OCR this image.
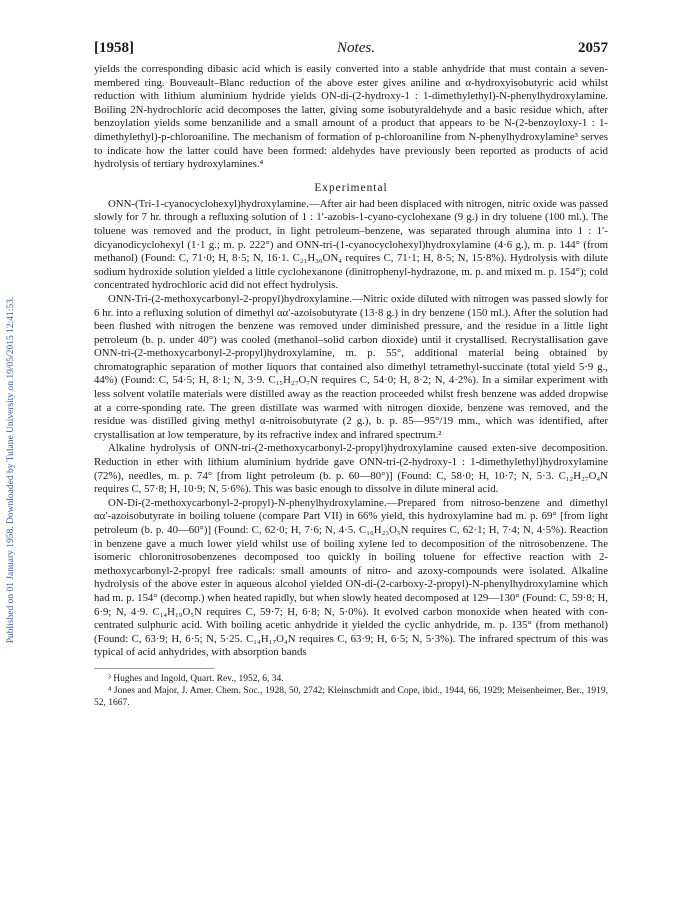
Published on 01 January 1958. Downloaded by Tulane University on 19/05/2015 12:41:53.
[1958]	Notes.	2057

yields the corresponding dibasic acid which is easily converted into a stable anhydride that must contain a seven-membered ring. Bouveault–Blanc reduction of the above ester gives aniline and α-hydroxyisobutyric acid whilst reduction with lithium aluminium hydride yields ON-di-(2-hydroxy-1 : 1-dimethylethyl)-N-phenylhydroxylamine. Boiling 2N-hydrochloric acid decomposes the latter, giving some isobutyraldehyde and a basic residue which, after benzoylation yields some benzanilide and a small amount of a product that appears to be N-(2-benzoyloxy-1 : 1-dimethylethyl)-p-chloroaniline. The mechanism of formation of p-chloroaniline from N-phenylhydroxylamine³ serves to indicate how the latter could have been formed: aldehydes have previously been reported as products of acid hydrolysis of tertiary hydroxylamines.⁴

Experimental

ONN-(Tri-1-cyanocyclohexyl)hydroxylamine.—After air had been displaced with nitrogen, nitric oxide was passed slowly for 7 hr. through a refluxing solution of 1 : 1′-azobis-1-cyano-cyclohexane (9 g.) in dry toluene (100 ml.). The toluene was removed and the product, in light petroleum–benzene, was separated through alumina into 1 : 1′-dicyanodicyclohexyl (1·1 g.; m. p. 222°) and ONN-tri-(1-cyanocyclohexyl)hydroxylamine (4·6 g.), m. p. 144° (from methanol) (Found: C, 71·0; H, 8·5; N, 16·1. C₂₁H₃₀ON₄ requires C, 71·1; H, 8·5; N, 15·8%). Hydrolysis with dilute sodium hydroxide solution yielded a little cyclohexanone (dinitrophenyl-hydrazone, m. p. and mixed m. p. 154°); cold concentrated hydrochloric acid did not effect hydrolysis.

ONN-Tri-(2-methoxycarbonyl-2-propyl)hydroxylamine.—Nitric oxide diluted with nitrogen was passed slowly for 6 hr. into a refluxing solution of dimethyl αα′-azoisobutyrate (13·8 g.) in dry benzene (150 ml.). After the solution had been flushed with nitrogen the benzene was removed under diminished pressure, and the residue in a little light petroleum (b. p. under 40°) was cooled (methanol–solid carbon dioxide) until it crystallised. Recrystallisation gave ONN-tri-(2-methoxycarbonyl-2-propyl)hydroxylamine, m. p. 55°, additional material being obtained by chromatographic separation of mother liquors that contained also dimethyl tetramethyl-succinate (total yield 5·9 g., 44%) (Found: C, 54·5; H, 8·1; N, 3·9. C₁₅H₂₇O₇N requires C, 54·0; H, 8·2; N, 4·2%). In a similar experiment with less solvent volatile materials were distilled away as the reaction proceeded whilst fresh benzene was added dropwise at a corre-sponding rate. The green distillate was warmed with nitrogen dioxide, benzene was removed, and the residue was distilled giving methyl α-nitroisobutyrate (2 g.), b. p. 85—95°/19 mm., which was identified, after crystallisation at low temperature, by its refractive index and infrared spectrum.²

Alkaline hydrolysis of ONN-tri-(2-methoxycarbonyl-2-propyl)hydroxylamine caused exten-sive decomposition. Reduction in ether with lithium aluminium hydride gave ONN-tri-(2-hydroxy-1 : 1-dimethylethyl)hydroxylamine (72%), needles, m. p. 74° [from light petroleum (b. p. 60—80°)] (Found: C, 58·0; H, 10·7; N, 5·3. C₁₂H₂₇O₄N requires C, 57·8; H, 10·9; N, 5·6%). This was basic enough to dissolve in dilute mineral acid.

ON-Di-(2-methoxycarbonyl-2-propyl)-N-phenylhydroxylamine.—Prepared from nitroso-benzene and dimethyl αα′-azoisobutyrate in boiling toluene (compare Part VII) in 66% yield, this hydroxylamine had m. p. 69° [from light petroleum (b. p. 40—60°)] (Found: C, 62·0; H, 7·6; N, 4·5. C₁₆H₂₃O₅N requires C, 62·1; H, 7·4; N, 4·5%). Reaction in benzene gave a much lower yield whilst use of boiling xylene led to decomposition of the nitrosobenzene. The isomeric chloronitrosobenzenes decomposed too quickly in boiling toluene for effective reaction with 2-methoxycarbonyl-2-propyl free radicals: small amounts of nitro- and azoxy-compounds were isolated. Alkaline hydrolysis of the above ester in aqueous alcohol yielded ON-di-(2-carboxy-2-propyl)-N-phenylhydroxylamine which had m. p. 154° (decomp.) when heated rapidly, but when slowly heated decomposed at 129—130° (Found: C, 59·8; H, 6·9; N, 4·9. C₁₄H₁₉O₅N requires C, 59·7; H, 6·8; N, 5·0%). It evolved carbon monoxide when heated with con-centrated sulphuric acid. With boiling acetic anhydride it yielded the cyclic anhydride, m. p. 135° (from methanol) (Found: C, 63·9; H, 6·5; N, 5·25. C₁₄H₁₇O₄N requires C, 63·9; H, 6·5; N, 5·3%). The infrared spectrum of this was typical of acid anhydrides, with absorption bands

³ Hughes and Ingold, Quart. Rev., 1952, 6, 34.

⁴ Jones and Major, J. Amer. Chem. Soc., 1928, 50, 2742; Kleinschmidt and Cope, ibid., 1944, 66, 1929; Meisenheimer, Ber., 1919, 52, 1667.
